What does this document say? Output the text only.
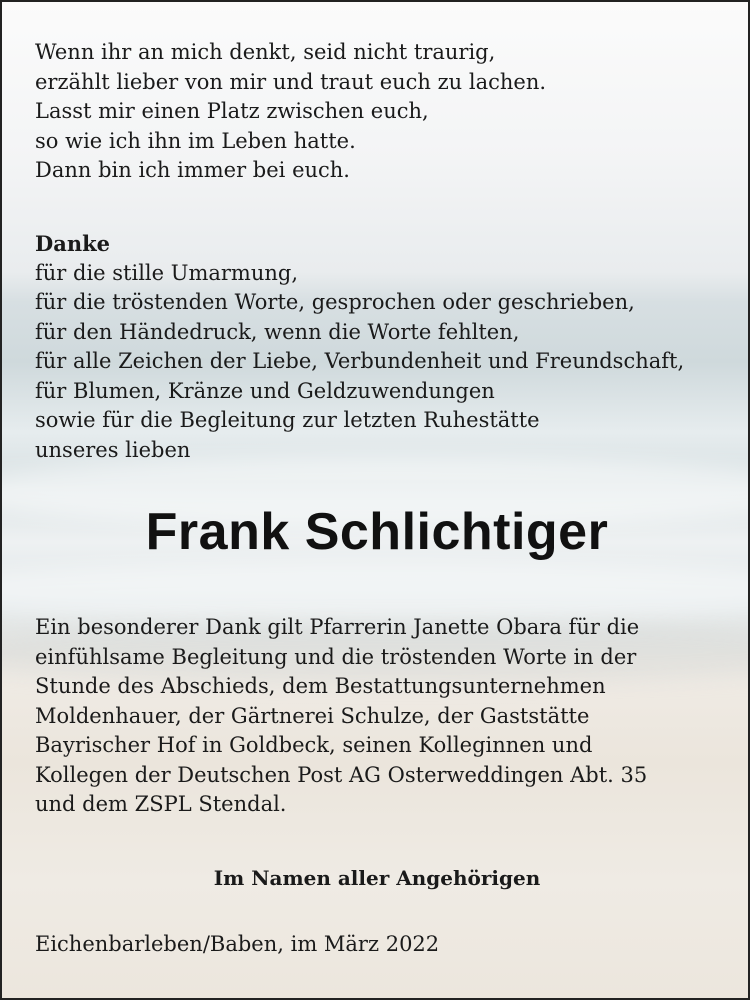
Wenn ihr an mich denkt, seid nicht traurig,
erzählt lieber von mir und traut euch zu lachen.
Lasst mir einen Platz zwischen euch,
so wie ich ihn im Leben hatte.
Dann bin ich immer bei euch.
Danke
für die stille Umarmung,
für die tröstenden Worte, gesprochen oder geschrieben,
für den Händedruck, wenn die Worte fehlten,
für alle Zeichen der Liebe, Verbundenheit und Freundschaft,
für Blumen, Kränze und Geldzuwendungen
sowie für die Begleitung zur letzten Ruhestätte
unseres lieben
Frank Schlichtiger
Ein besonderer Dank gilt Pfarrerin Janette Obara für die
einfühlsame Begleitung und die tröstenden Worte in der
Stunde des Abschieds, dem Bestattungsunternehmen
Moldenhauer, der Gärtnerei Schulze, der Gaststätte
Bayrischer Hof in Goldbeck, seinen Kolleginnen und
Kollegen der Deutschen Post AG Osterweddingen Abt. 35
und dem ZSPL Stendal.
Im Namen aller Angehörigen
Eichenbarleben/Baben, im März 2022
